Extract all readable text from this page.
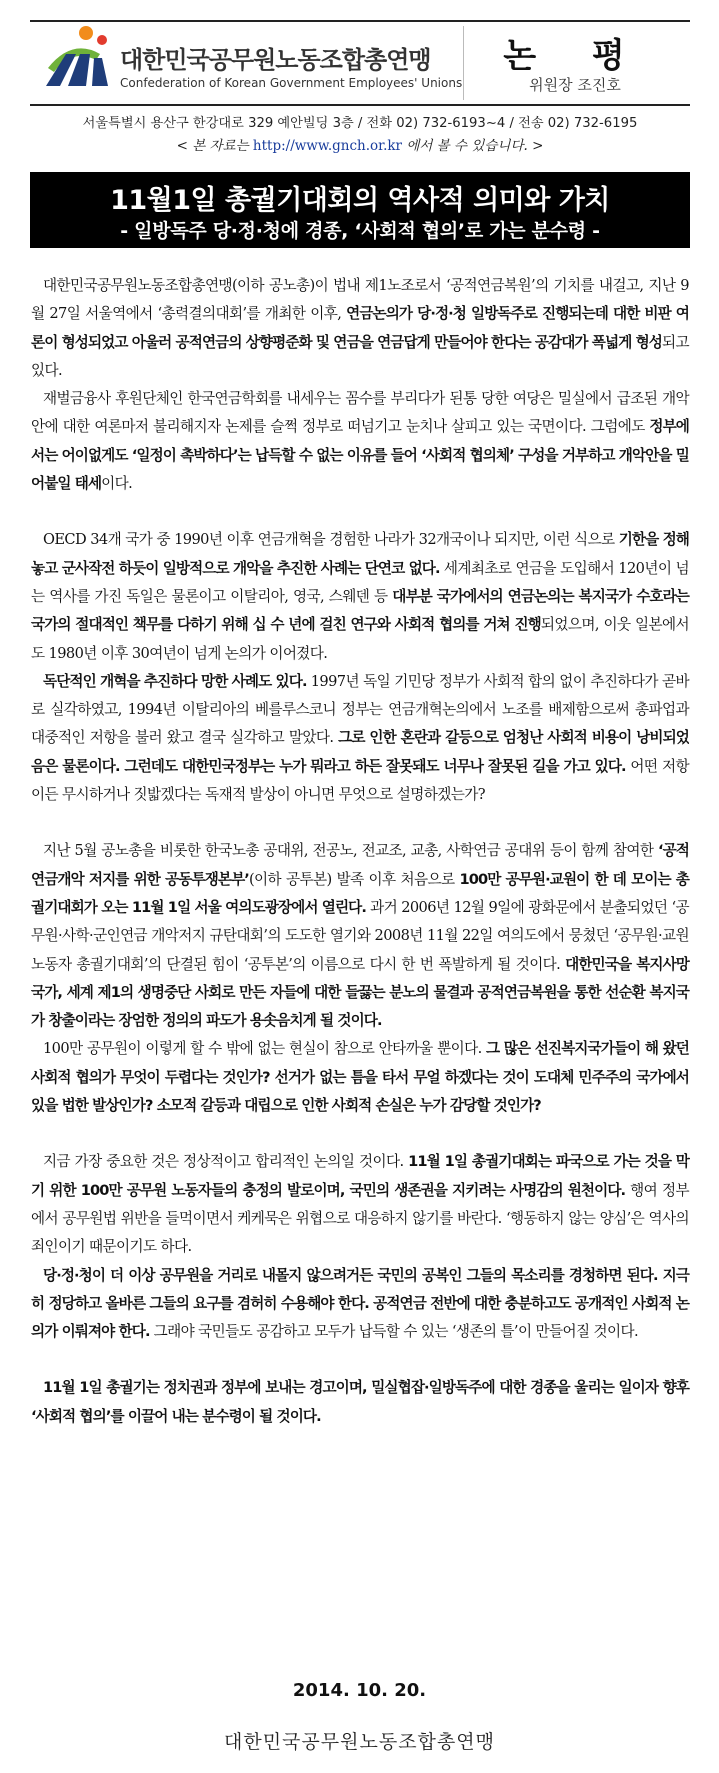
대한민국공무원노동조합총연맹
Confederation of Korean Government Employees' Unions
논 평
위원장 조진호
서울특별시 용산구 한강대로 329 예안빌딩 3층 / 전화 02) 732-6193~4 / 전송 02) 732-6195
< 본 자료는 http://www.gnch.or.kr 에서 볼 수 있습니다. >
11월1일 총궐기대회의 역사적 의미와 가치
- 일방독주 당·정·청에 경종, ‘사회적 협의’로 가는 분수령 -

대한민국공무원노동조합총연맹(이하 공노총)이 법내 제1노조로서 ‘공적연금복원’의 기치를 내걸고, 지난 9월 27일 서울역에서 ‘총력결의대회’를 개최한 이후, 연금논의가 당·정·청 일방독주로 진행되는데 대한 비판 여론이 형성되었고 아울러 공적연금의 상향평준화 및 연금을 연금답게 만들어야 한다는 공감대가 폭넓게 형성되고 있다.

재벌금융사 후원단체인 한국연금학회를 내세우는 꼼수를 부리다가 된통 당한 여당은 밀실에서 급조된 개악안에 대한 여론마저 불리해지자 논제를 슬쩍 정부로 떠넘기고 눈치나 살피고 있는 국면이다. 그럼에도 정부에서는 어이없게도 ‘일정이 촉박하다’는 납득할 수 없는 이유를 들어 ‘사회적 협의체’ 구성을 거부하고 개악안을 밀어붙일 태세이다.

OECD 34개 국가 중 1990년 이후 연금개혁을 경험한 나라가 32개국이나 되지만, 이런 식으로 기한을 정해 놓고 군사작전 하듯이 일방적으로 개악을 추진한 사례는 단연코 없다. 세계최초로 연금을 도입해서 120년이 넘는 역사를 가진 독일은 물론이고 이탈리아, 영국, 스웨덴 등 대부분 국가에서의 연금논의는 복지국가 수호라는 국가의 절대적인 책무를 다하기 위해 십 수 년에 걸친 연구와 사회적 협의를 거쳐 진행되었으며, 이웃 일본에서도 1980년 이후 30여년이 넘게 논의가 이어졌다.

독단적인 개혁을 추진하다 망한 사례도 있다. 1997년 독일 기민당 정부가 사회적 합의 없이 추진하다가 곧바로 실각하였고, 1994년 이탈리아의 베를루스코니 정부는 연금개혁논의에서 노조를 배제함으로써 총파업과 대중적인 저항을 불러 왔고 결국 실각하고 말았다. 그로 인한 혼란과 갈등으로 엄청난 사회적 비용이 낭비되었음은 물론이다. 그런데도 대한민국정부는 누가 뭐라고 하든 잘못돼도 너무나 잘못된 길을 가고 있다. 어떤 저항이든 무시하거나 짓밟겠다는 독재적 발상이 아니면 무엇으로 설명하겠는가?

지난 5월 공노총을 비롯한 한국노총 공대위, 전공노, 전교조, 교총, 사학연금 공대위 등이 함께 참여한 ‘공적연금개악 저지를 위한 공동투쟁본부’(이하 공투본) 발족 이후 처음으로 100만 공무원·교원이 한 데 모이는 총궐기대회가 오는 11월 1일 서울 여의도광장에서 열린다. 과거 2006년 12월 9일에 광화문에서 분출되었던 ‘공무원·사학·군인연금 개악저지 규탄대회’의 도도한 열기와 2008년 11월 22일 여의도에서 뭉쳤던 ‘공무원·교원 노동자 총궐기대회’의 단결된 힘이 ‘공투본’의 이름으로 다시 한 번 폭발하게 될 것이다. 대한민국을 복지사망국가, 세계 제1의 생명중단 사회로 만든 자들에 대한 들끓는 분노의 물결과 공적연금복원을 통한 선순환 복지국가 창출이라는 장엄한 정의의 파도가 용솟음치게 될 것이다.

100만 공무원이 이렇게 할 수 밖에 없는 현실이 참으로 안타까울 뿐이다. 그 많은 선진복지국가들이 해 왔던 사회적 협의가 무엇이 두렵다는 것인가? 선거가 없는 틈을 타서 무얼 하겠다는 것이 도대체 민주주의 국가에서 있을 법한 발상인가? 소모적 갈등과 대립으로 인한 사회적 손실은 누가 감당할 것인가?

지금 가장 중요한 것은 정상적이고 합리적인 논의일 것이다. 11월 1일 총궐기대회는 파국으로 가는 것을 막기 위한 100만 공무원 노동자들의 충정의 발로이며, 국민의 생존권을 지키려는 사명감의 원천이다. 행여 정부에서 공무원법 위반을 들먹이면서 케케묵은 위협으로 대응하지 않기를 바란다. ‘행동하지 않는 양심’은 역사의 죄인이기 때문이기도 하다.

당·정·청이 더 이상 공무원을 거리로 내몰지 않으려거든 국민의 공복인 그들의 목소리를 경청하면 된다. 지극히 정당하고 올바른 그들의 요구를 겸허히 수용해야 한다. 공적연금 전반에 대한 충분하고도 공개적인 사회적 논의가 이뤄져야 한다. 그래야 국민들도 공감하고 모두가 납득할 수 있는 ‘생존의 틀’이 만들어질 것이다.

11월 1일 총궐기는 정치권과 정부에 보내는 경고이며, 밀실협잡·일방독주에 대한 경종을 울리는 일이자 향후 ‘사회적 협의’를 이끌어 내는 분수령이 될 것이다.

2014. 10. 20.
대한민국공무원노동조합총연맹
